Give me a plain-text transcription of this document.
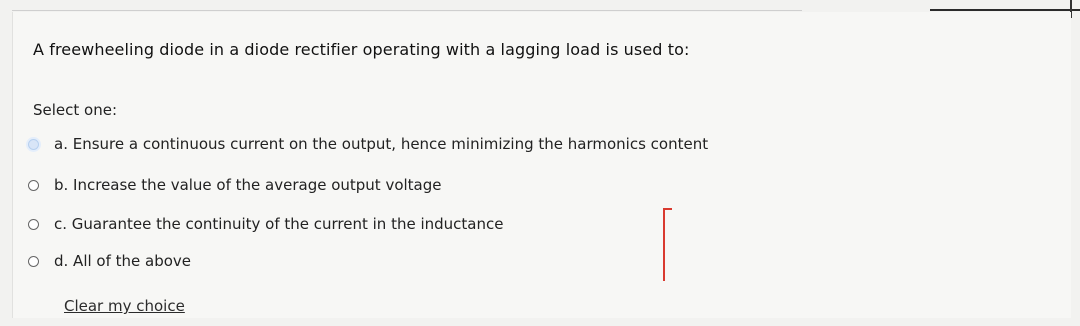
A freewheeling diode in a diode rectifier operating with a lagging load is used to:
Select one:
a. Ensure a continuous current on the output, hence minimizing the harmonics content
b. Increase the value of the average output voltage
c. Guarantee the continuity of the current in the inductance
d. All of the above
Clear my choice
